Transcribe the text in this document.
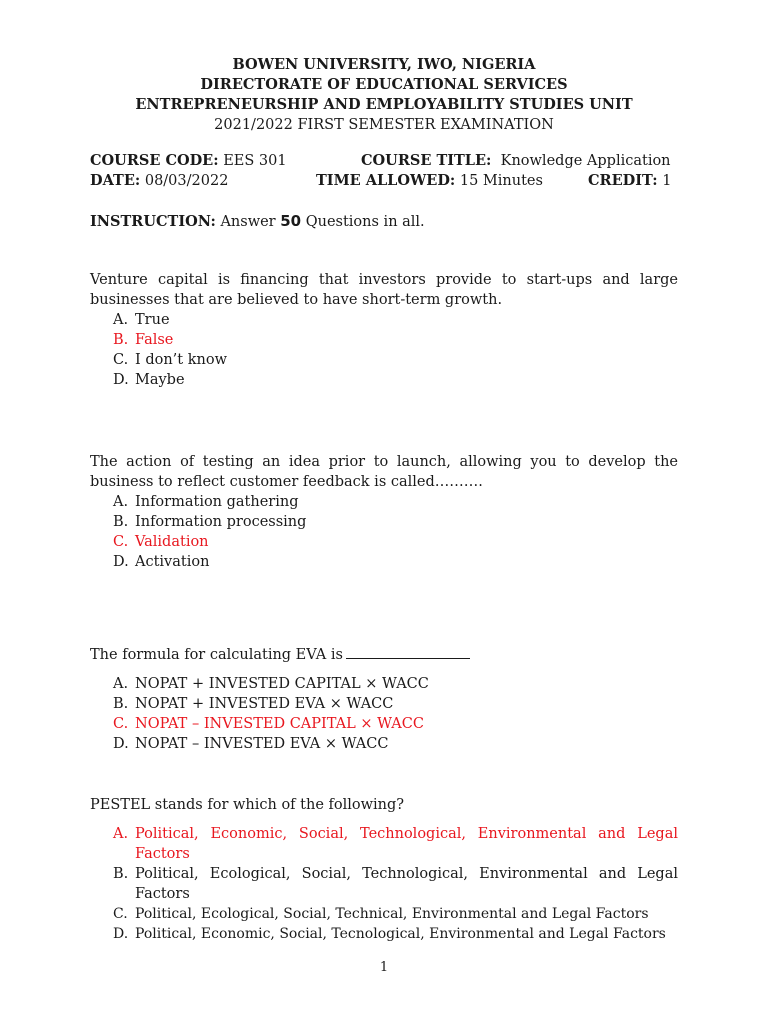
BOWEN UNIVERSITY, IWO, NIGERIA
DIRECTORATE OF EDUCATIONAL SERVICES
ENTREPRENEURSHIP AND EMPLOYABILITY STUDIES UNIT
2021/2022 FIRST SEMESTER EXAMINATION
COURSE CODE: EES 301	COURSE TITLE: Knowledge Application
DATE: 08/03/2022	TIME ALLOWED: 15 Minutes	CREDIT: 1
INSTRUCTION: Answer 50 Questions in all.
Venture capital is financing that investors provide to start-ups and large businesses that are believed to have short-term growth.
A. True
B. False
C. I don’t know
D. Maybe
The action of testing an idea prior to launch, allowing you to develop the business to reflect customer feedback is called……….
A. Information gathering
B. Information processing
C. Validation
D. Activation
The formula for calculating EVA is
A. NOPAT + INVESTED CAPITAL × WACC
B. NOPAT + INVESTED EVA × WACC
C. NOPAT – INVESTED CAPITAL × WACC
D. NOPAT – INVESTED EVA × WACC
PESTEL stands for which of the following?
A. Political, Economic, Social, Technological, Environmental and Legal Factors
B. Political, Ecological, Social, Technological, Environmental and Legal Factors
C. Political, Ecological, Social, Technical, Environmental and Legal Factors
D. Political, Economic, Social, Tecnological, Environmental and Legal Factors
1
